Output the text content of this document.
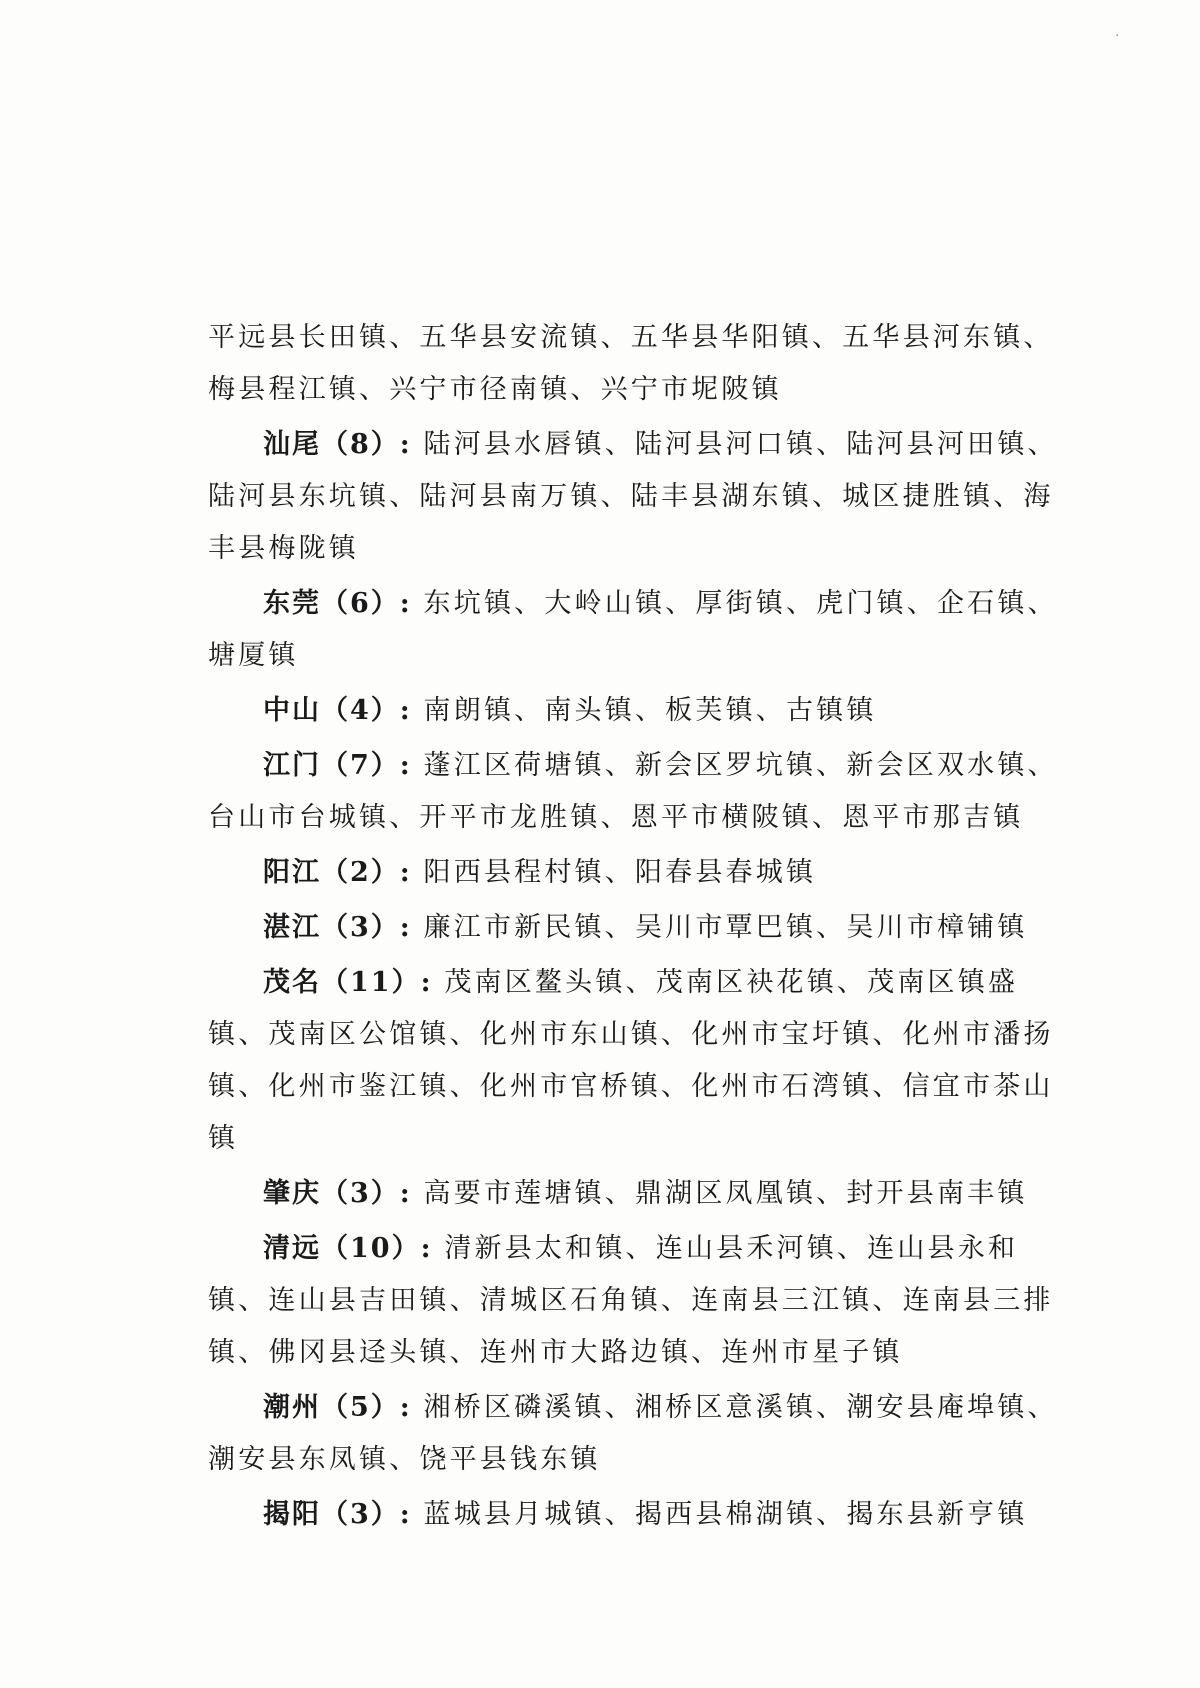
·

平远县长田镇、五华县安流镇、五华县华阳镇、五华县河东镇、梅县程江镇、兴宁市径南镇、兴宁市坭陂镇

汕尾（8）: 陆河县水唇镇、陆河县河口镇、陆河县河田镇、陆河县东坑镇、陆河县南万镇、陆丰县湖东镇、城区捷胜镇、海丰县梅陇镇

东莞（6）: 东坑镇、大岭山镇、厚街镇、虎门镇、企石镇、塘厦镇

中山（4）: 南朗镇、南头镇、板芙镇、古镇镇

江门（7）: 蓬江区荷塘镇、新会区罗坑镇、新会区双水镇、台山市台城镇、开平市龙胜镇、恩平市横陂镇、恩平市那吉镇

阳江（2）: 阳西县程村镇、阳春县春城镇

湛江（3）: 廉江市新民镇、吴川市覃巴镇、吴川市樟铺镇

茂名（11）: 茂南区鳌头镇、茂南区袂花镇、茂南区镇盛镇、茂南区公馆镇、化州市东山镇、化州市宝圩镇、化州市潘扬镇、化州市鉴江镇、化州市官桥镇、化州市石湾镇、信宜市茶山镇

肇庆（3）: 高要市莲塘镇、鼎湖区凤凰镇、封开县南丰镇

清远（10）: 清新县太和镇、连山县禾河镇、连山县永和镇、连山县吉田镇、清城区石角镇、连南县三江镇、连南县三排镇、佛冈县迳头镇、连州市大路边镇、连州市星子镇

潮州（5）: 湘桥区磷溪镇、湘桥区意溪镇、潮安县庵埠镇、潮安县东凤镇、饶平县钱东镇

揭阳（3）: 蓝城县月城镇、揭西县棉湖镇、揭东县新亨镇
